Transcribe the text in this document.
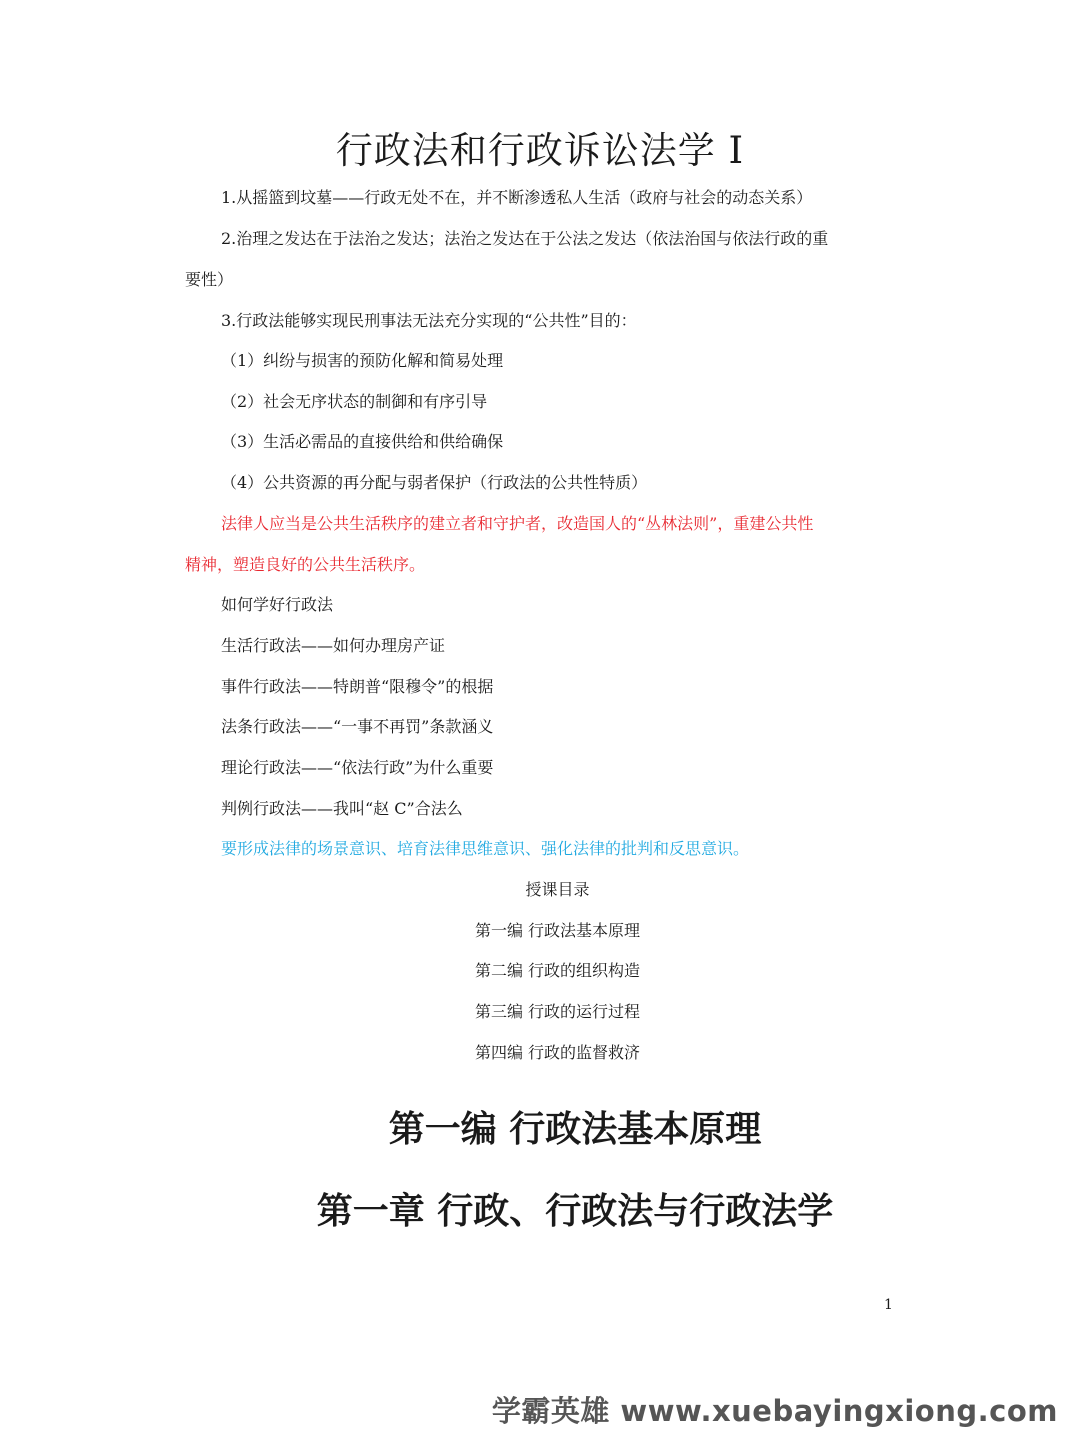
行政法和行政诉讼法学 I

1.从摇篮到坟墓——行政无处不在，并不断渗透私人生活（政府与社会的动态关系）

2.治理之发达在于法治之发达；法治之发达在于公法之发达（依法治国与依法行政的重

要性）

3.行政法能够实现民刑事法无法充分实现的“公共性”目的：

（1）纠纷与损害的预防化解和简易处理

（2）社会无序状态的制御和有序引导

（3）生活必需品的直接供给和供给确保

（4）公共资源的再分配与弱者保护（行政法的公共性特质）

法律人应当是公共生活秩序的建立者和守护者，改造国人的“丛林法则”，重建公共性

精神，塑造良好的公共生活秩序。

如何学好行政法

生活行政法——如何办理房产证

事件行政法——特朗普“限穆令”的根据

法条行政法——“一事不再罚”条款涵义

理论行政法——“依法行政”为什么重要

判例行政法——我叫“赵 C”合法么

要形成法律的场景意识、培育法律思维意识、强化法律的批判和反思意识。

授课目录

第一编 行政法基本原理

第二编 行政的组织构造

第三编 行政的运行过程

第四编 行政的监督救济

第一编 行政法基本原理
第一章 行政、行政法与行政法学
1
学霸英雄 www.xuebayingxiong.com
